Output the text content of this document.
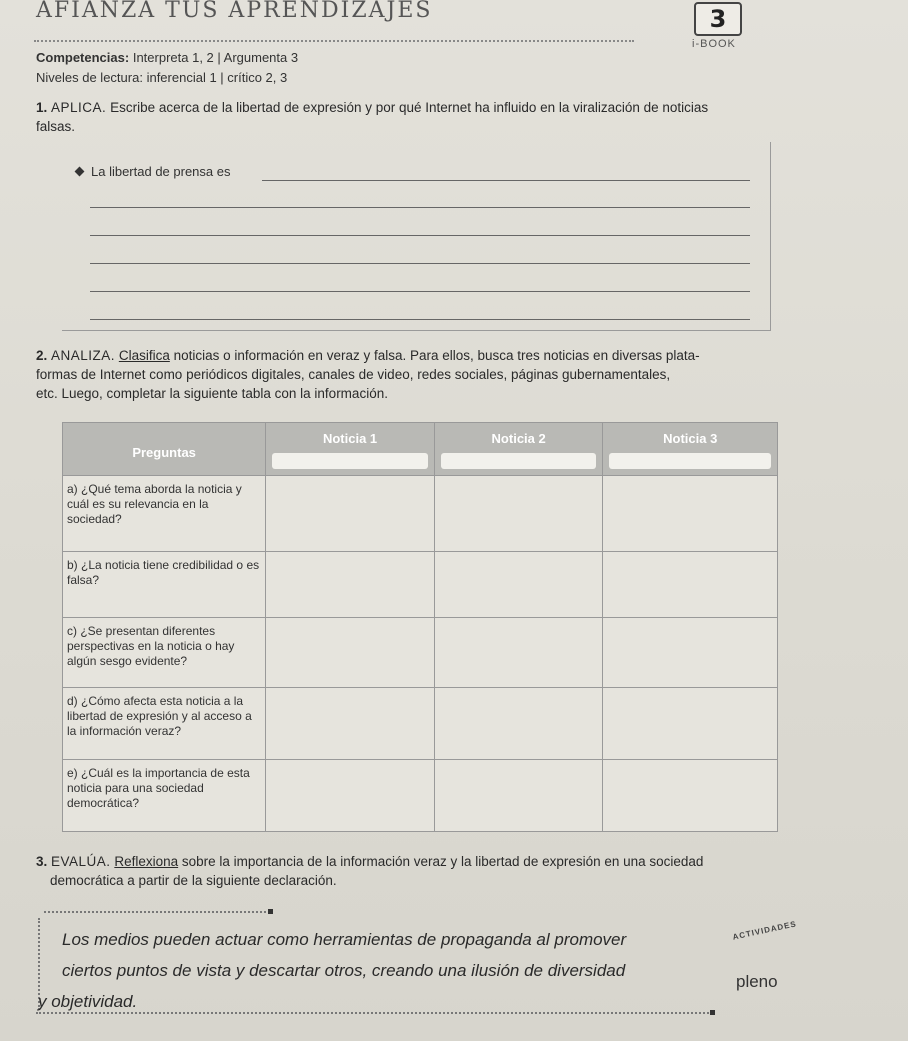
AFIANZA TUS APRENDIZAJES	3
i-BOOK
Competencias: Interpreta 1, 2 | Argumenta 3
Niveles de lectura: inferencial 1 | crítico 2, 3
1. APLICA. Escribe acerca de la libertad de expresión y por qué Internet ha influido en la viralización de noticias
falsas.
La libertad de prensa es
2. ANALIZA. Clasifica noticias o información en veraz y falsa. Para ellos, busca tres noticias en diversas plata-
formas de Internet como periódicos digitales, canales de video, redes sociales, páginas gubernamentales,
etc. Luego, completar la siguiente tabla con la información.
Preguntas	Noticia 1	Noticia 2	Noticia 3

a) ¿Qué tema aborda la noticia y cuál es su relevancia en la sociedad?			
b) ¿La noticia tiene credibilidad o es falsa?			
c) ¿Se presentan diferentes perspectivas en la noticia o hay algún sesgo evidente?			
d) ¿Cómo afecta esta noticia a la libertad de expresión y al acceso a la información veraz?			
e) ¿Cuál es la importancia de esta noticia para una sociedad democrática?			
3. EVALÚA. Reflexiona sobre la importancia de la información veraz y la libertad de expresión en una sociedad
democrática a partir de la siguiente declaración.
Los medios pueden actuar como herramientas de propaganda al promover
ciertos puntos de vista y descartar otros, creando una ilusión de diversidad
y objetividad.
ACTIVIDADES
pleno
